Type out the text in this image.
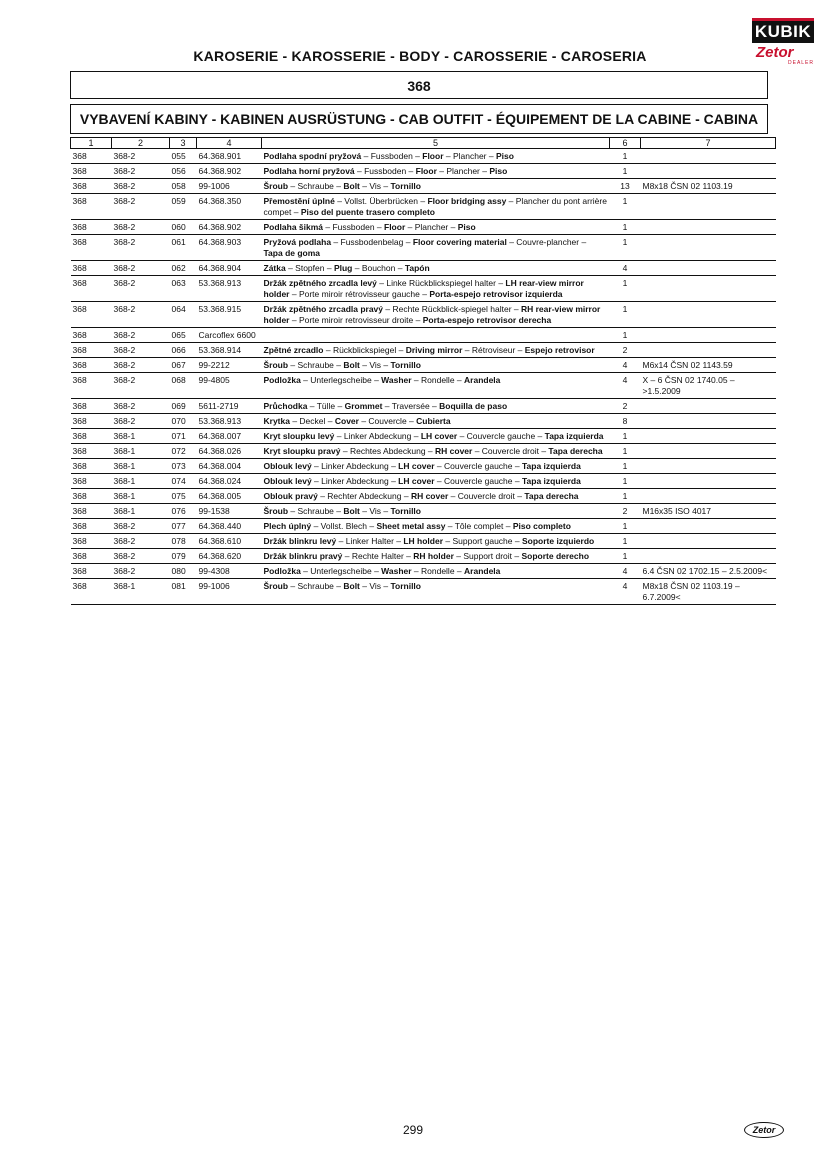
KUBIK
Zetor
DEALER
KAROSERIE - KAROSSERIE - BODY - CAROSSERIE - CAROSERIA
368
VYBAVENÍ KABINY - KABINEN AUSRÜSTUNG - CAB OUTFIT - ÉQUIPEMENT DE LA CABINE - CABINA
1	2	3	4	5	6	7
368	368-2	055	64.368.901	Podlaha spodní pryžová – Fussboden – Floor – Plancher – Piso	1	
368	368-2	056	64.368.902	Podlaha horní pryžová – Fussboden – Floor – Plancher – Piso	1	
368	368-2	058	99-1006	Šroub – Schraube – Bolt – Vis – Tornillo	13	M8x18 ČSN 02 1103.19
368	368-2	059	64.368.350	Přemostění úplné – Vollst. Überbrücken – Floor bridging assy – Plancher du pont arrière compet – Piso del puente trasero completo	1	
368	368-2	060	64.368.902	Podlaha šikmá – Fussboden – Floor – Plancher – Piso	1	
368	368-2	061	64.368.903	Pryžová podlaha – Fussbodenbelag – Floor covering material – Couvre-plancher – Tapa de goma	1	
368	368-2	062	64.368.904	Zátka – Stopfen – Plug – Bouchon – Tapón	4	
368	368-2	063	53.368.913	Držák zpětného zrcadla levý – Linke Rückblickspiegel halter – LH rear-view mirror holder – Porte miroir rétrovisseur gauche – Porta-espejo retrovisor izquierda	1	
368	368-2	064	53.368.915	Držák zpětného zrcadla pravý – Rechte Rückblick-spiegel halter – RH rear-view mirror holder – Porte miroir retrovisseur droite – Porta-espejo retrovisor derecha	1	
368	368-2	065	Carcoflex 6600		1	
368	368-2	066	53.368.914	Zpětné zrcadlo – Rückblickspiegel – Driving mirror – Rétroviseur – Espejo retrovisor	2	
368	368-2	067	99-2212	Šroub – Schraube – Bolt – Vis – Tornillo	4	M6x14 ČSN 02 1143.59
368	368-2	068	99-4805	Podložka – Unterlegscheibe – Washer – Rondelle – Arandela	4	X – 6 ČSN 02 1740.05 – >1.5.2009
368	368-2	069	5611-2719	Průchodka – Tülle – Grommet – Traversée – Boquilla de paso	2	
368	368-2	070	53.368.913	Krytka – Deckel – Cover – Couvercle – Cubierta	8	
368	368-1	071	64.368.007	Kryt sloupku levý – Linker Abdeckung – LH cover – Couvercle gauche – Tapa izquierda	1	
368	368-1	072	64.368.026	Kryt sloupku pravý – Rechtes Abdeckung – RH cover – Couvercle droit – Tapa derecha	1	
368	368-1	073	64.368.004	Oblouk levý – Linker Abdeckung – LH cover – Couvercle gauche – Tapa izquierda	1	
368	368-1	074	64.368.024	Oblouk levý – Linker Abdeckung – LH cover – Couvercle gauche – Tapa izquierda	1	
368	368-1	075	64.368.005	Oblouk pravý – Rechter Abdeckung – RH cover – Couvercle droit – Tapa derecha	1	
368	368-1	076	99-1538	Šroub – Schraube – Bolt – Vis – Tornillo	2	M16x35 ISO 4017
368	368-2	077	64.368.440	Plech úplný – Vollst. Blech – Sheet metal assy – Tôle complet – Piso completo	1	
368	368-2	078	64.368.610	Držák blinkru levý – Linker Halter – LH holder – Support gauche – Soporte izquierdo	1	
368	368-2	079	64.368.620	Držák blinkru pravý – Rechte Halter – RH holder – Support droit – Soporte derecho	1	
368	368-2	080	99-4308	Podložka – Unterlegscheibe – Washer – Rondelle – Arandela	4	6.4 ČSN 02 1702.15 – 2.5.2009<
368	368-1	081	99-1006	Šroub – Schraube – Bolt – Vis – Tornillo	4	M8x18 ČSN 02 1103.19 – 6.7.2009<
299	Zetor
